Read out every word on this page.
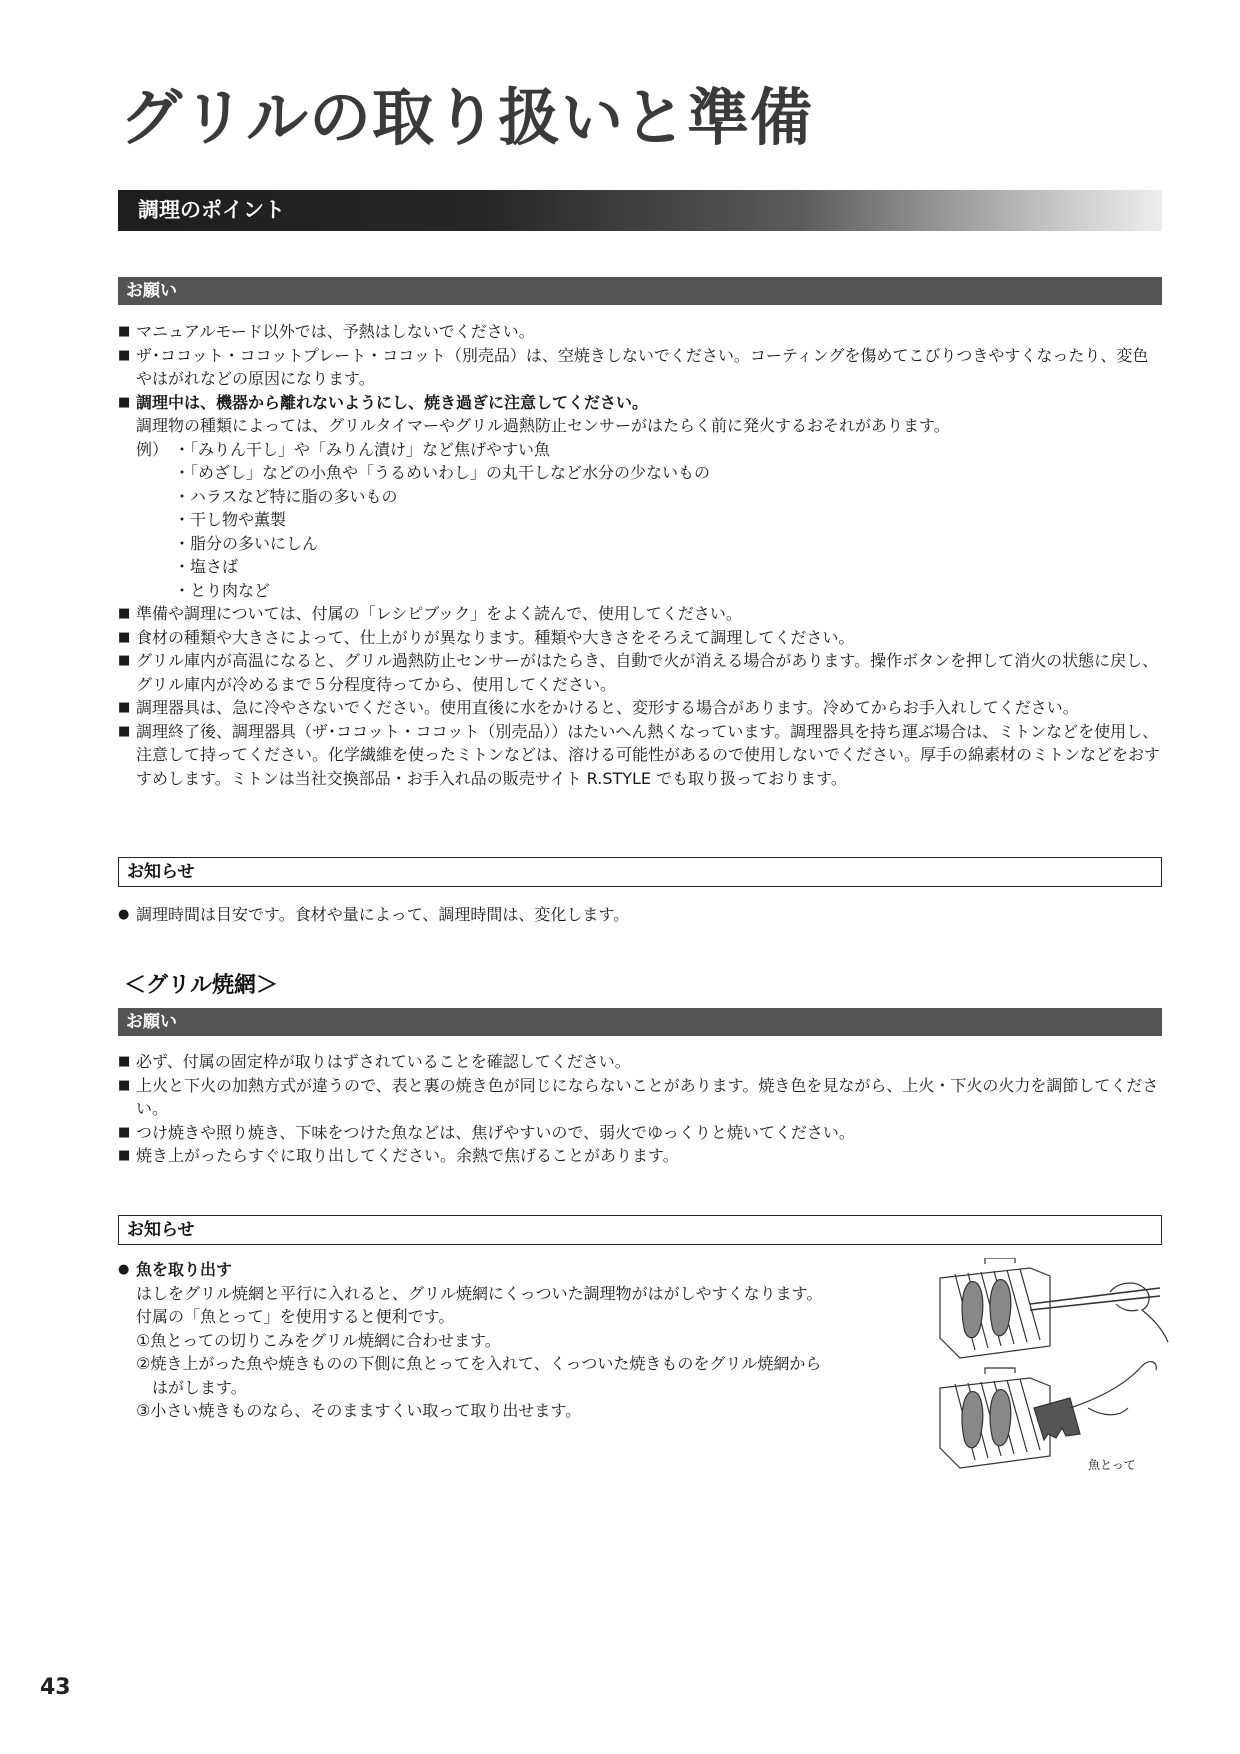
グリルの取り扱いと準備
調理のポイント
お願い
■ マニュアルモード以外では、予熱はしないでください。
■ ザ･ココット・ココットプレート・ココット（別売品）は、空焼きしないでください。コーティングを傷めてこびりつきやすくなったり、変色やはがれなどの原因になります。
■ 調理中は、機器から離れないようにし、焼き過ぎに注意してください。
調理物の種類によっては、グリルタイマーやグリル過熱防止センサーがはたらく前に発火するおそれがあります。
例） ・「みりん干し」や「みりん漬け」など焦げやすい魚
・「めざし」などの小魚や「うるめいわし」の丸干しなど水分の少ないもの
・ハラスなど特に脂の多いもの
・干し物や薫製
・脂分の多いにしん
・塩さば
・とり肉など
■ 準備や調理については、付属の「レシピブック」をよく読んで、使用してください。
■ 食材の種類や大きさによって、仕上がりが異なります。種類や大きさをそろえて調理してください。
■ グリル庫内が高温になると、グリル過熱防止センサーがはたらき、自動で火が消える場合があります。操作ボタンを押して消火の状態に戻し、グリル庫内が冷めるまで５分程度待ってから、使用してください。
■ 調理器具は、急に冷やさないでください。使用直後に水をかけると、変形する場合があります。冷めてからお手入れしてください。
■ 調理終了後、調理器具（ザ･ココット・ココット（別売品））はたいへん熱くなっています。調理器具を持ち運ぶ場合は、ミトンなどを使用し、注意して持ってください。化学繊維を使ったミトンなどは、溶ける可能性があるので使用しないでください。厚手の綿素材のミトンなどをおすすめします。ミトンは当社交換部品・お手入れ品の販売サイト R.STYLE でも取り扱っております。
お知らせ
● 調理時間は目安です。食材や量によって、調理時間は、変化します。
＜グリル焼網＞
お願い
■ 必ず、付属の固定枠が取りはずされていることを確認してください。
■ 上火と下火の加熱方式が違うので、表と裏の焼き色が同じにならないことがあります。焼き色を見ながら、上火・下火の火力を調節してください。
■ つけ焼きや照り焼き、下味をつけた魚などは、焦げやすいので、弱火でゆっくりと焼いてください。
■ 焼き上がったらすぐに取り出してください。余熱で焦げることがあります。
お知らせ
● 魚を取り出す
はしをグリル焼網と平行に入れると、グリル焼網にくっついた調理物がはがしやすくなります。
付属の「魚とって」を使用すると便利です。
①魚とっての切りこみをグリル焼網に合わせます。
②焼き上がった魚や焼きものの下側に魚とってを入れて、くっついた焼きものをグリル焼網から
　はがします。
③小さい焼きものなら、そのまますくい取って取り出せます。
魚とって
43
